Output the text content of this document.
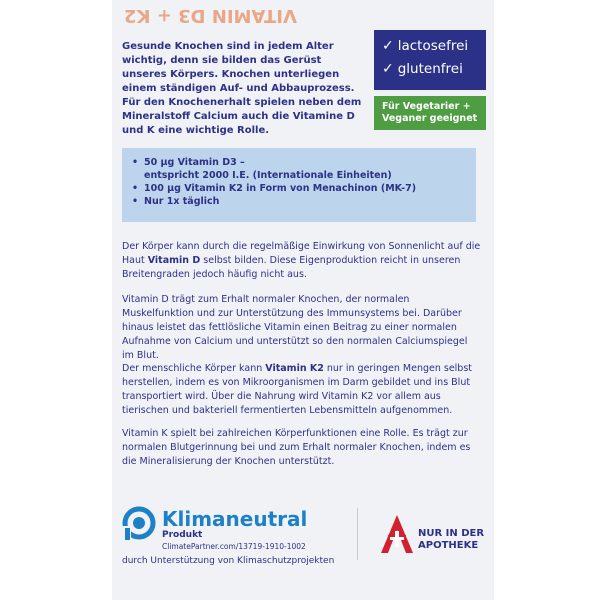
VITAMIN D3 + K2

Gesunde Knochen sind in jedem Alter wichtig, denn sie bilden das Gerüst unseres Körpers. Knochen unterliegen einem ständigen Auf- und Abbauprozess.

Für den Knochenerhalt spielen neben dem Mineralstoff Calcium auch die Vitamine D und K eine wichtige Rolle.

✓ lactosefrei
✓ glutenfrei
Für Vegetarier +
Veganer geeignet
• 50 µg Vitamin D3 –
entspricht 2000 I.E. (Internationale Einheiten)
• 100 µg Vitamin K2 in Form von Menachinon (MK-7)
• Nur 1x täglich

Der Körper kann durch die regelmäßige Einwirkung von Sonnenlicht auf die Haut Vitamin D selbst bilden. Diese Eigenproduktion reicht in unseren Breitengraden jedoch häufig nicht aus.

Vitamin D trägt zum Erhalt normaler Knochen, der normalen Muskelfunktion und zur Unterstützung des Immunsystems bei. Darüber hinaus leistet das fettlösliche Vitamin einen Beitrag zu einer normalen Aufnahme von Calcium und unterstützt so den normalen Calciumspiegel im Blut.

Der menschliche Körper kann Vitamin K2 nur in geringen Mengen selbst herstellen, indem es von Mikroorganismen im Darm gebildet und ins Blut transportiert wird. Über die Nahrung wird Vitamin K2 vor allem aus tierischen und bakteriell fermentierten Lebensmitteln aufgenommen.

Vitamin K spielt bei zahlreichen Körperfunktionen eine Rolle. Es trägt zur normalen Blutgerinnung bei und zum Erhalt normaler Knochen, indem es die Mineralisierung der Knochen unterstützt.

Klimaneutral
Produkt
ClimatePartner.com/13719-1910-1002
durch Unterstützung von Klimaschutzprojekten
NUR IN DER
APOTHEKE
